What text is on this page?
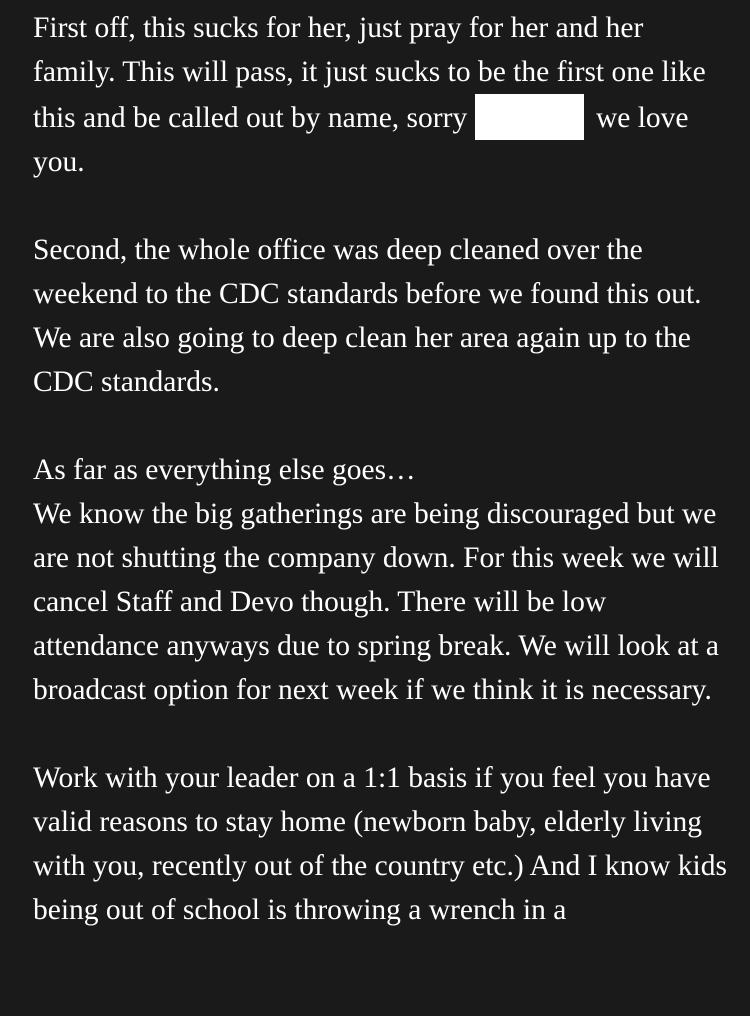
First off, this sucks for her, just pray for her and her family. This will pass, it just sucks to be the first one like this and be called out by name, sorry	we love you.

Second, the whole office was deep cleaned over the weekend to the CDC standards before we found this out.
We are also going to deep clean her area again up to the CDC standards.

As far as everything else goes…
We know the big gatherings are being discouraged but we are not shutting the company down. For this week we will cancel Staff and Devo though. There will be low attendance anyways due to spring break. We will look at a broadcast option for next week if we think it is necessary.

Work with your leader on a 1:1 basis if you feel you have valid reasons to stay home (newborn baby, elderly living with you, recently out of the country etc.) And I know kids being out of school is throwing a wrench in a
